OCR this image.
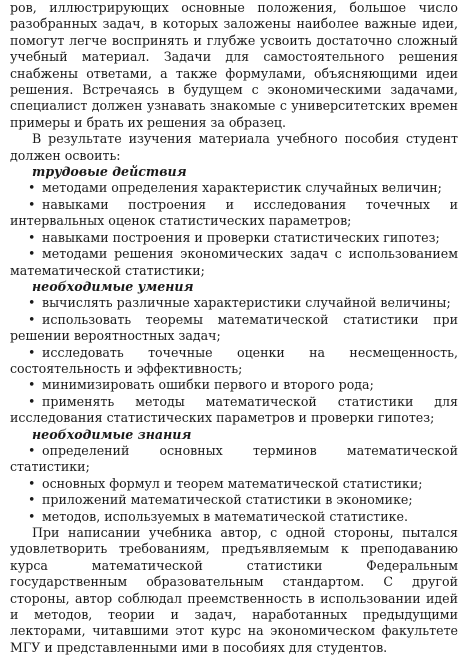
ров, иллюстрирующих основные положения, большое число разобранных задач, в которых заложены наиболее важные идеи, помогут легче воспринять и глубже усвоить достаточно сложный учебный материал. Задачи для самостоятельного решения снабжены ответами, а также формулами, объясняющими идеи решения. Встречаясь в будущем с экономическими задачами, специалист должен узнавать знакомые с университетских времен примеры и брать их решения за образец.

В результате изучения материала учебного пособия студент должен освоить:

трудовые действия
• методами определения характеристик случайных величин;
• навыками построения и исследования точечных и интервальных оценок статистических параметров;
• навыками построения и проверки статистических гипотез;
• методами решения экономических задач с использованием математической статистики;
необходимые умения
• вычислять различные характеристики случайной величины;
• использовать теоремы математической статистики при решении вероятностных задач;
• исследовать точечные оценки на несмещенность, состоятельность и эффективность;
• минимизировать ошибки первого и второго рода;
• применять методы математической статистики для исследования статистических параметров и проверки гипотез;
необходимые знания
• определений основных терминов математической статистики;
• основных формул и теорем математической статистики;
• приложений математической статистики в экономике;
• методов, используемых в математической статистике.

При написании учебника автор, с одной стороны, пытался удовлетворить требованиям, предъявляемым к преподаванию курса математической статистики Федеральным государственным образовательным стандартом. С другой стороны, автор соблюдал преемственность в использовании идей и методов, теории и задач, наработанных предыдущими лекторами, читавшими этот курс на экономическом факультете МГУ и представленными ими в пособиях для студентов.
